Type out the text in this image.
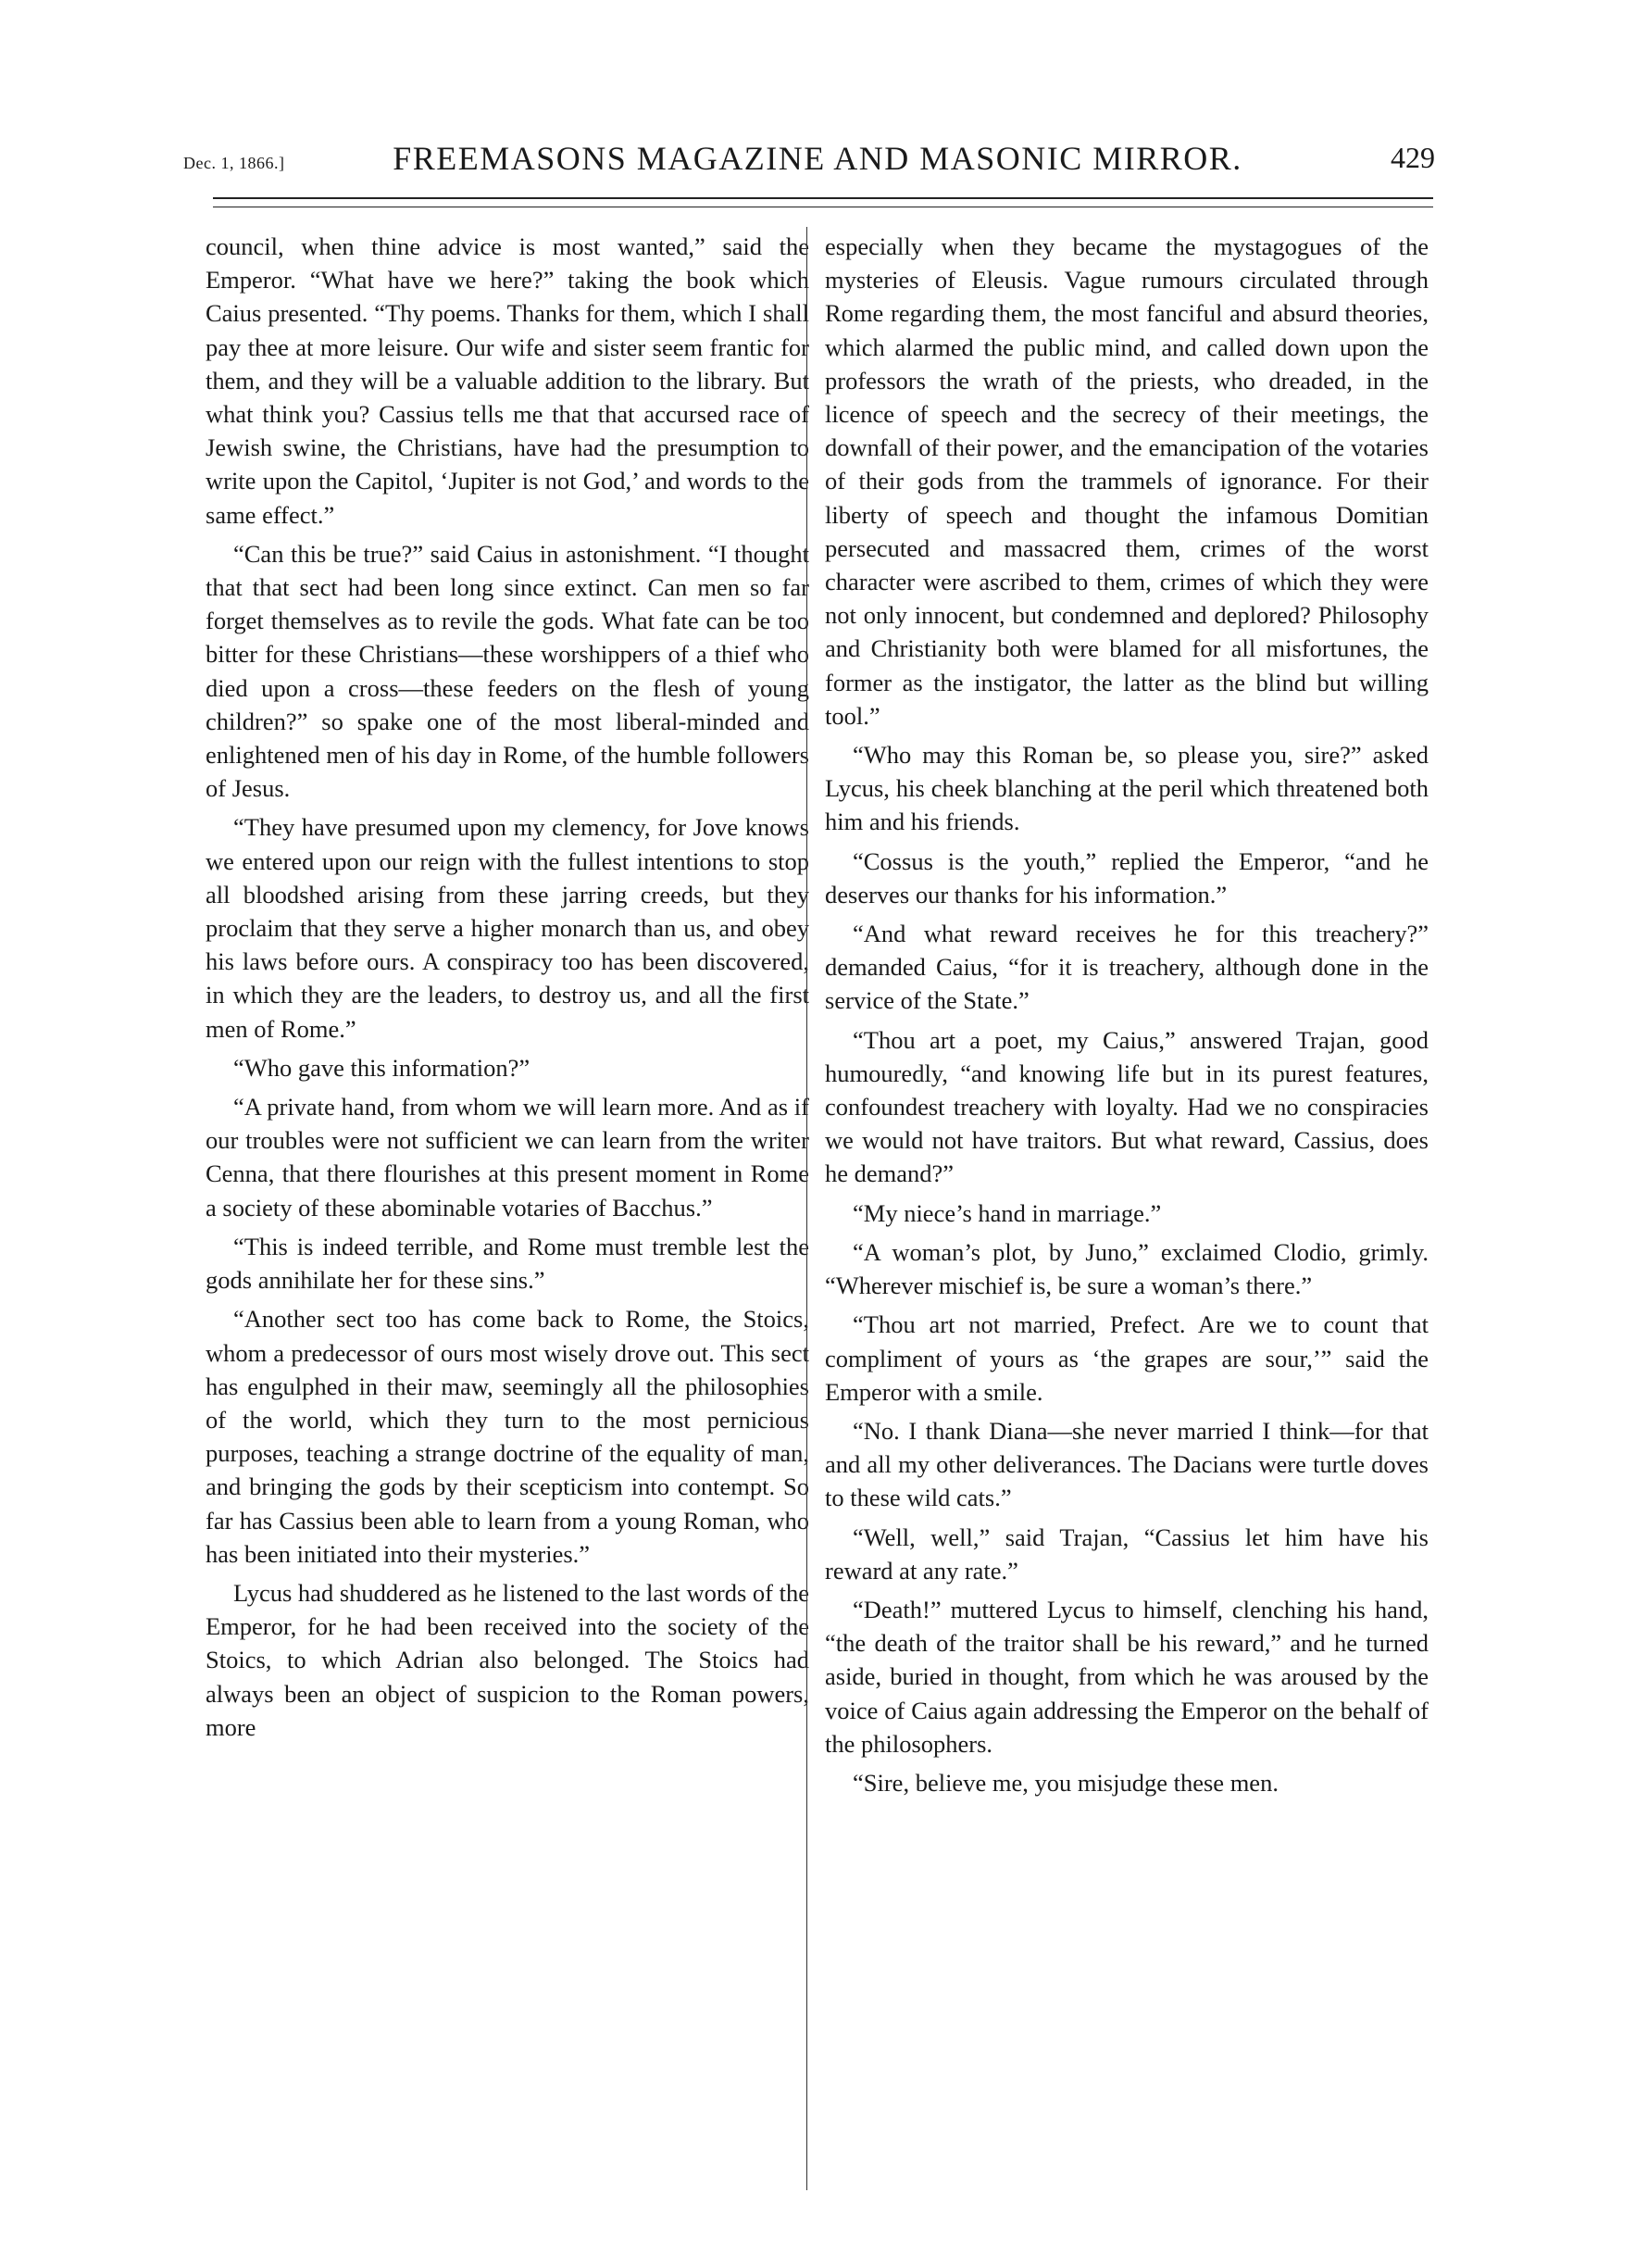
Dec. 1, 1866.]	FREEMASONS MAGAZINE AND MASONIC MIRROR.	429

council, when thine advice is most wanted,” said the Emperor. “What have we here?” taking the book which Caius presented. “Thy poems. Thanks for them, which I shall pay thee at more leisure. Our wife and sister seem frantic for them, and they will be a valuable addition to the library. But what think you? Cassius tells me that that accursed race of Jewish swine, the Christians, have had the presumption to write upon the Capitol, ‘Jupiter is not God,’ and words to the same effect.”

“Can this be true?” said Caius in astonishment. “I thought that that sect had been long since extinct. Can men so far forget themselves as to revile the gods. What fate can be too bitter for these Christians—these worshippers of a thief who died upon a cross—these feeders on the flesh of young children?” so spake one of the most liberal-minded and enlightened men of his day in Rome, of the humble followers of Jesus.

“They have presumed upon my clemency, for Jove knows we entered upon our reign with the fullest intentions to stop all bloodshed arising from these jarring creeds, but they proclaim that they serve a higher monarch than us, and obey his laws before ours. A conspiracy too has been discovered, in which they are the leaders, to destroy us, and all the first men of Rome.”

“Who gave this information?”

“A private hand, from whom we will learn more. And as if our troubles were not sufficient we can learn from the writer Cenna, that there flourishes at this present moment in Rome a society of these abominable votaries of Bacchus.”

“This is indeed terrible, and Rome must tremble lest the gods annihilate her for these sins.”

“Another sect too has come back to Rome, the Stoics, whom a predecessor of ours most wisely drove out. This sect has engulphed in their maw, seemingly all the philosophies of the world, which they turn to the most pernicious purposes, teaching a strange doctrine of the equality of man, and bringing the gods by their scepticism into contempt. So far has Cassius been able to learn from a young Roman, who has been initiated into their mysteries.”

Lycus had shuddered as he listened to the last words of the Emperor, for he had been received into the society of the Stoics, to which Adrian also belonged. The Stoics had always been an object of suspicion to the Roman powers, more

especially when they became the mystagogues of the mysteries of Eleusis. Vague rumours circulated through Rome regarding them, the most fanciful and absurd theories, which alarmed the public mind, and called down upon the professors the wrath of the priests, who dreaded, in the licence of speech and the secrecy of their meetings, the downfall of their power, and the emancipation of the votaries of their gods from the trammels of ignorance. For their liberty of speech and thought the infamous Domitian persecuted and massacred them, crimes of the worst character were ascribed to them, crimes of which they were not only innocent, but condemned and deplored? Philosophy and Christianity both were blamed for all misfortunes, the former as the instigator, the latter as the blind but willing tool.”

“Who may this Roman be, so please you, sire?” asked Lycus, his cheek blanching at the peril which threatened both him and his friends.

“Cossus is the youth,” replied the Emperor, “and he deserves our thanks for his information.”

“And what reward receives he for this treachery?” demanded Caius, “for it is treachery, although done in the service of the State.”

“Thou art a poet, my Caius,” answered Trajan, good humouredly, “and knowing life but in its purest features, confoundest treachery with loyalty. Had we no conspiracies we would not have traitors. But what reward, Cassius, does he demand?”

“My niece’s hand in marriage.”

“A woman’s plot, by Juno,” exclaimed Clodio, grimly. “Wherever mischief is, be sure a woman’s there.”

“Thou art not married, Prefect. Are we to count that compliment of yours as ‘the grapes are sour,’” said the Emperor with a smile.

“No. I thank Diana—she never married I think—for that and all my other deliverances. The Dacians were turtle doves to these wild cats.”

“Well, well,” said Trajan, “Cassius let him have his reward at any rate.”

“Death!” muttered Lycus to himself, clenching his hand, “the death of the traitor shall be his reward,” and he turned aside, buried in thought, from which he was aroused by the voice of Caius again addressing the Emperor on the behalf of the philosophers.

“Sire, believe me, you misjudge these men.
